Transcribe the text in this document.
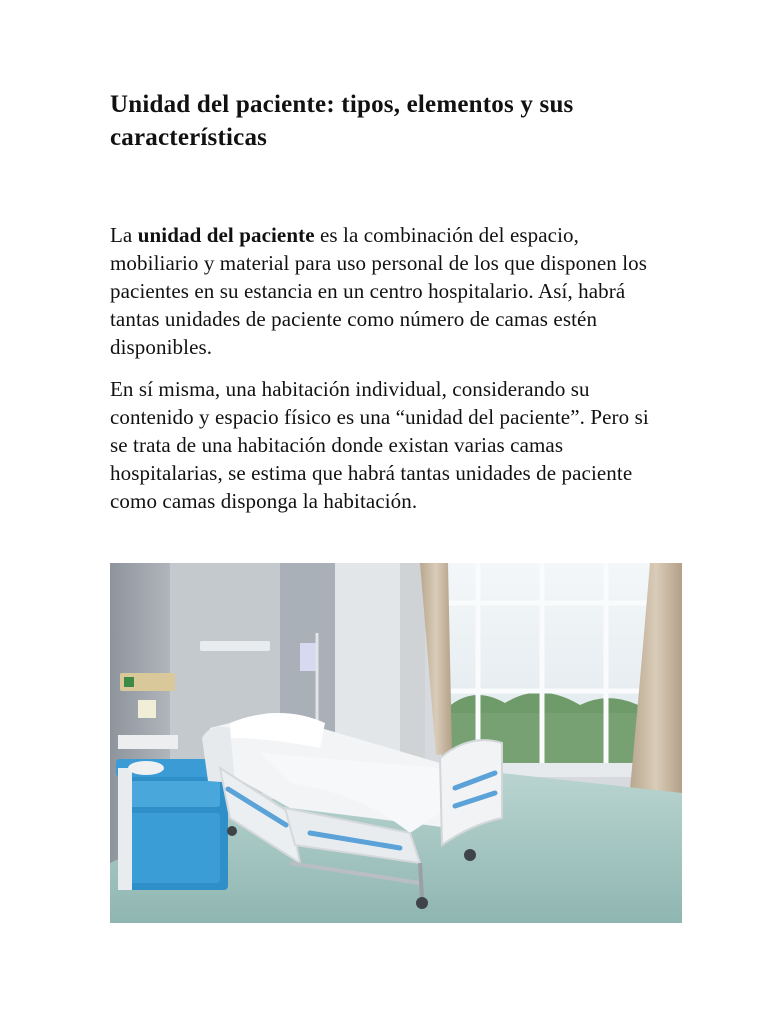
Unidad del paciente: tipos, elementos y sus características

La unidad del paciente es la combinación del espacio, mobiliario y material para uso personal de los que disponen los pacientes en su estancia en un centro hospitalario. Así, habrá tantas unidades de paciente como número de camas estén disponibles.

En sí misma, una habitación individual, considerando su contenido y espacio físico es una “unidad del paciente”. Pero si se trata de una habitación donde existan varias camas hospitalarias, se estima que habrá tantas unidades de paciente como camas disponga la habitación.
